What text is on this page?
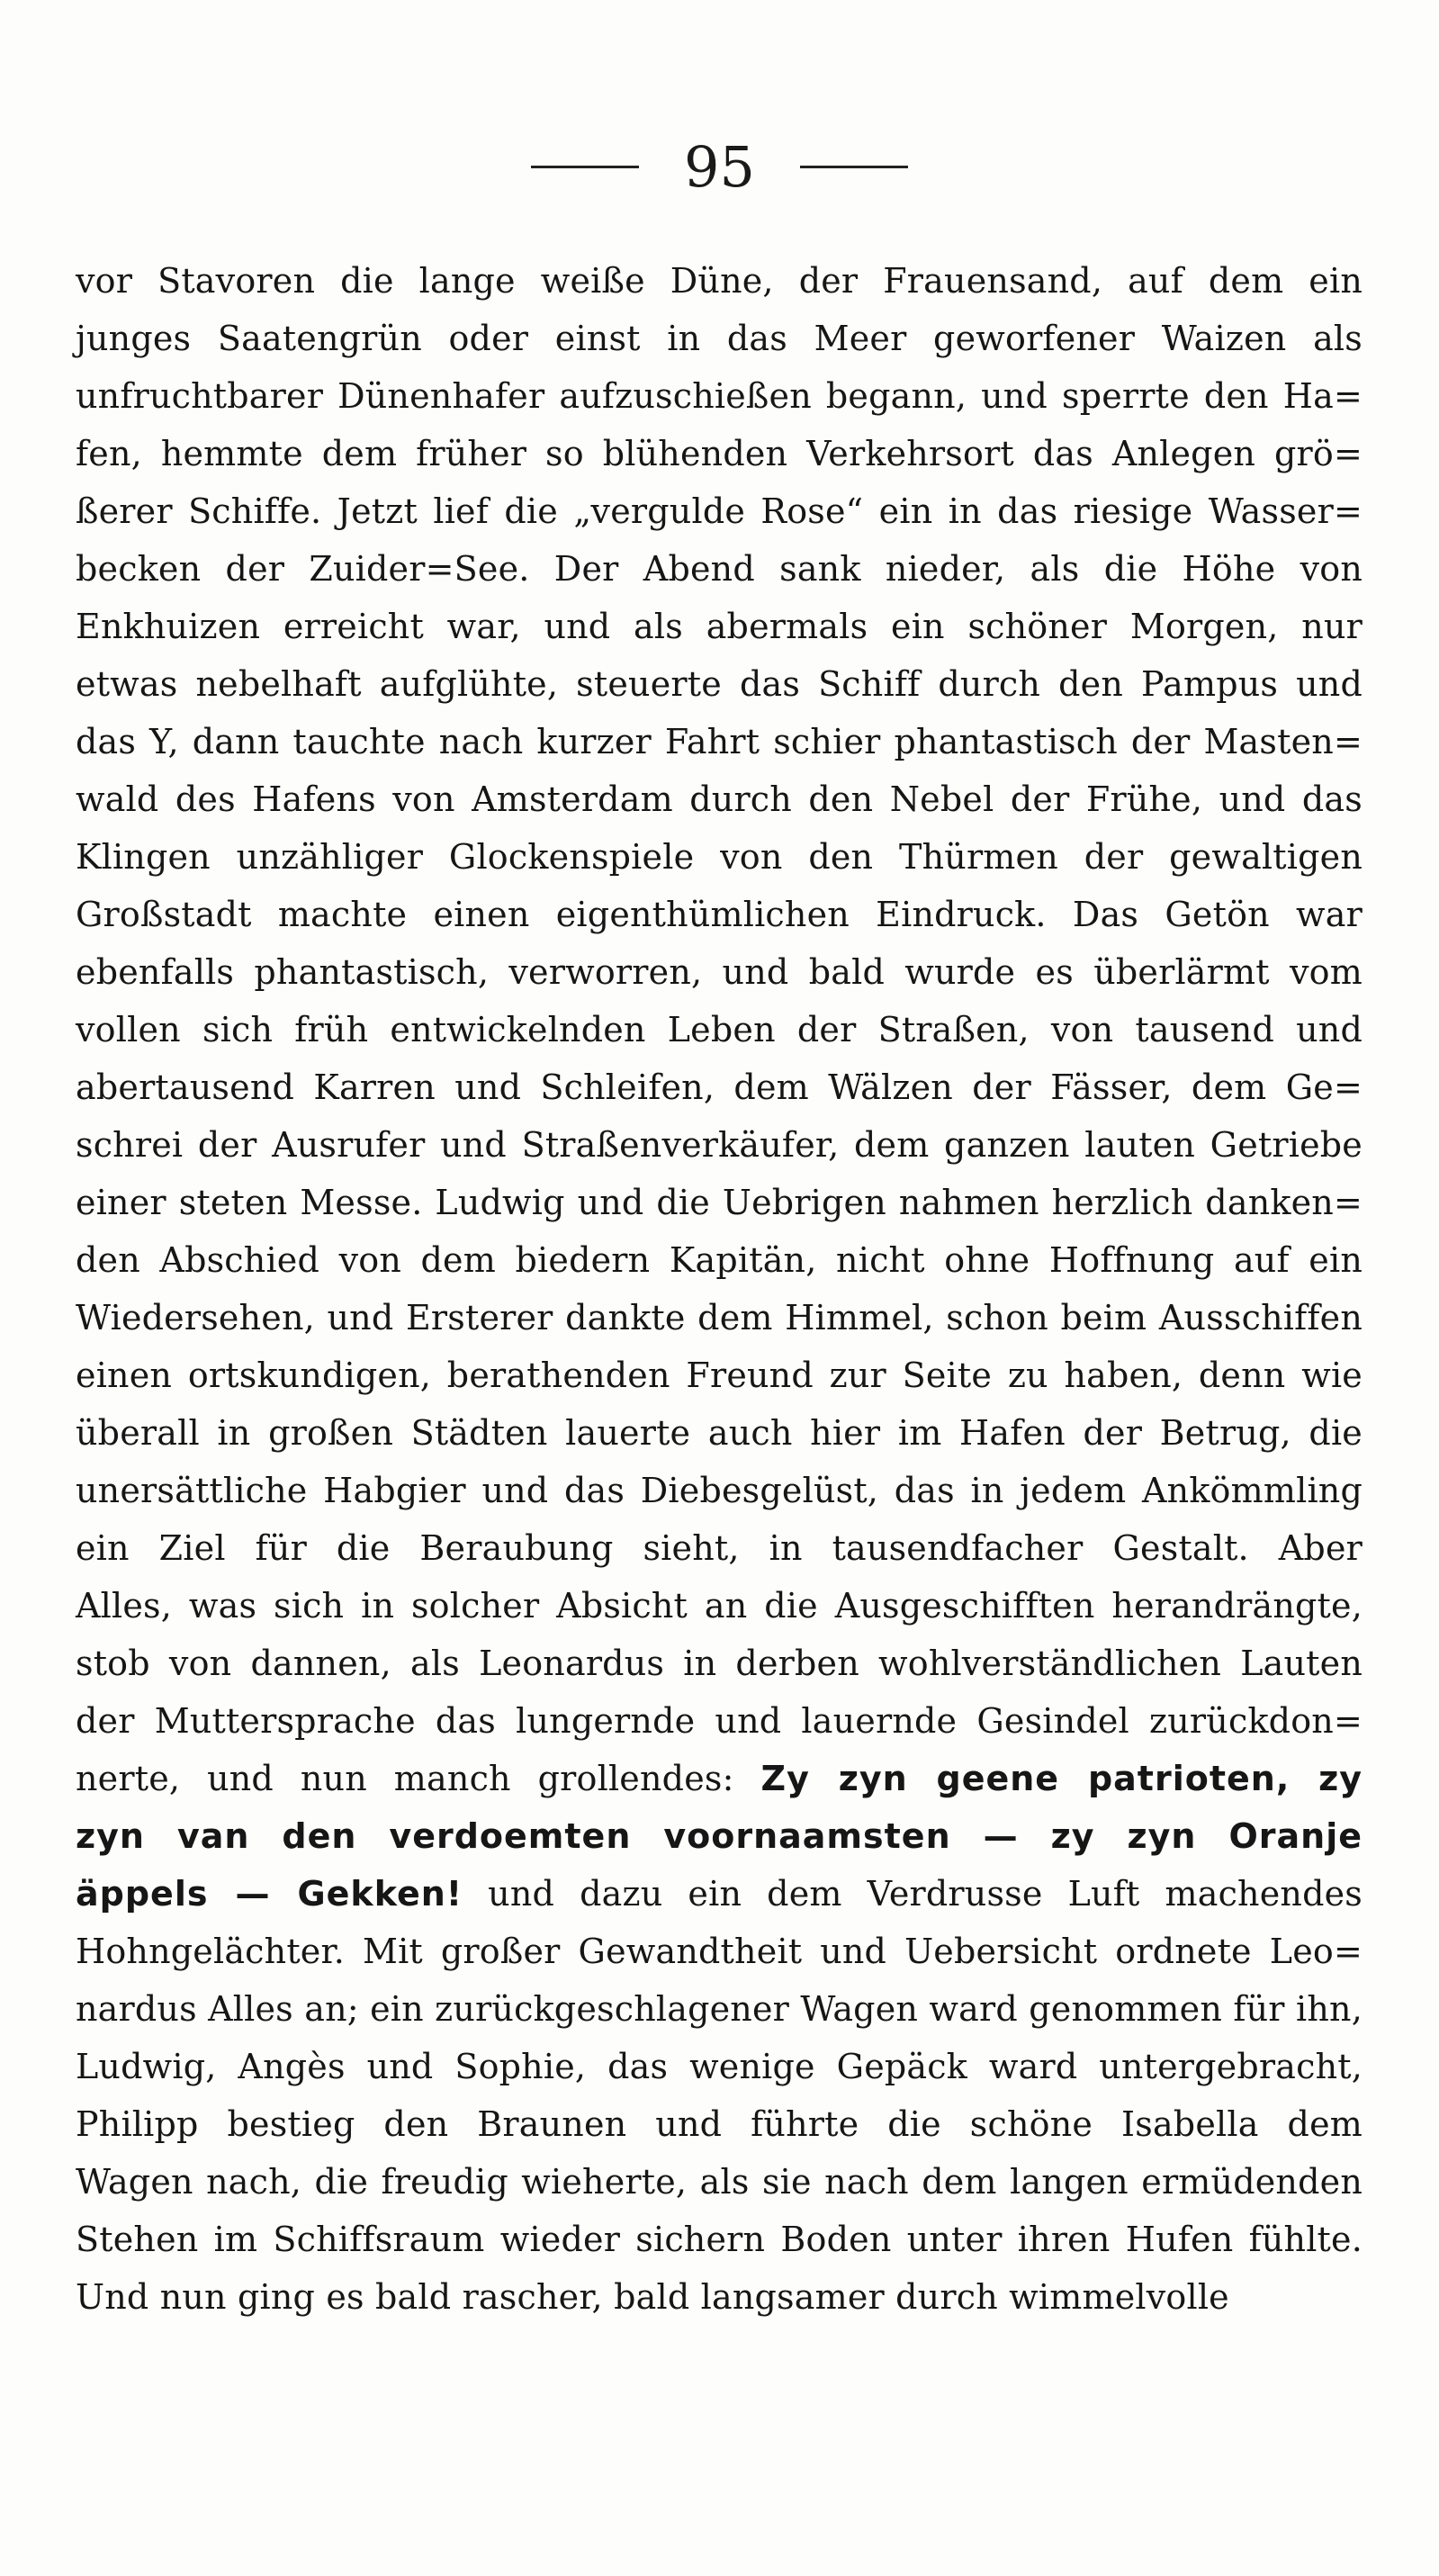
95
vor Stavoren die lange weiße Düne, der Frauensand, auf dem ein
junges Saatengrün oder einst in das Meer geworfener Waizen als
unfruchtbarer Dünenhafer aufzuschießen begann, und sperrte den Ha=
fen, hemmte dem früher so blühenden Verkehrsort das Anlegen grö=
ßerer Schiffe. Jetzt lief die „vergulde Rose“ ein in das riesige Wasser=
becken der Zuider=See. Der Abend sank nieder, als die Höhe von
Enkhuizen erreicht war, und als abermals ein schöner Morgen, nur
etwas nebelhaft aufglühte, steuerte das Schiff durch den Pampus und
das Y, dann tauchte nach kurzer Fahrt schier phantastisch der Masten=
wald des Hafens von Amsterdam durch den Nebel der Frühe, und das
Klingen unzähliger Glockenspiele von den Thürmen der gewaltigen
Großstadt machte einen eigenthümlichen Eindruck. Das Getön war
ebenfalls phantastisch, verworren, und bald wurde es überlärmt vom
vollen sich früh entwickelnden Leben der Straßen, von tausend und
abertausend Karren und Schleifen, dem Wälzen der Fässer, dem Ge=
schrei der Ausrufer und Straßenverkäufer, dem ganzen lauten Getriebe
einer steten Messe. Ludwig und die Uebrigen nahmen herzlich danken=
den Abschied von dem biedern Kapitän, nicht ohne Hoffnung auf ein
Wiedersehen, und Ersterer dankte dem Himmel, schon beim Ausschiffen
einen ortskundigen, berathenden Freund zur Seite zu haben, denn wie
überall in großen Städten lauerte auch hier im Hafen der Betrug, die
unersättliche Habgier und das Diebesgelüst, das in jedem Ankömmling
ein Ziel für die Beraubung sieht, in tausendfacher Gestalt. Aber
Alles, was sich in solcher Absicht an die Ausgeschifften herandrängte,
stob von dannen, als Leonardus in derben wohlverständlichen Lauten
der Muttersprache das lungernde und lauernde Gesindel zurückdon=
nerte, und nun manch grollendes: Zy zyn geene patrioten, zy
zyn van den verdoemten voornaamsten — zy zyn Oranje
äppels — Gekken! und dazu ein dem Verdrusse Luft machendes
Hohngelächter. Mit großer Gewandtheit und Uebersicht ordnete Leo=
nardus Alles an; ein zurückgeschlagener Wagen ward genommen für ihn,
Ludwig, Angès und Sophie, das wenige Gepäck ward untergebracht,
Philipp bestieg den Braunen und führte die schöne Isabella dem
Wagen nach, die freudig wieherte, als sie nach dem langen ermüdenden
Stehen im Schiffsraum wieder sichern Boden unter ihren Hufen fühlte.
Und nun ging es bald rascher, bald langsamer durch wimmelvolle
